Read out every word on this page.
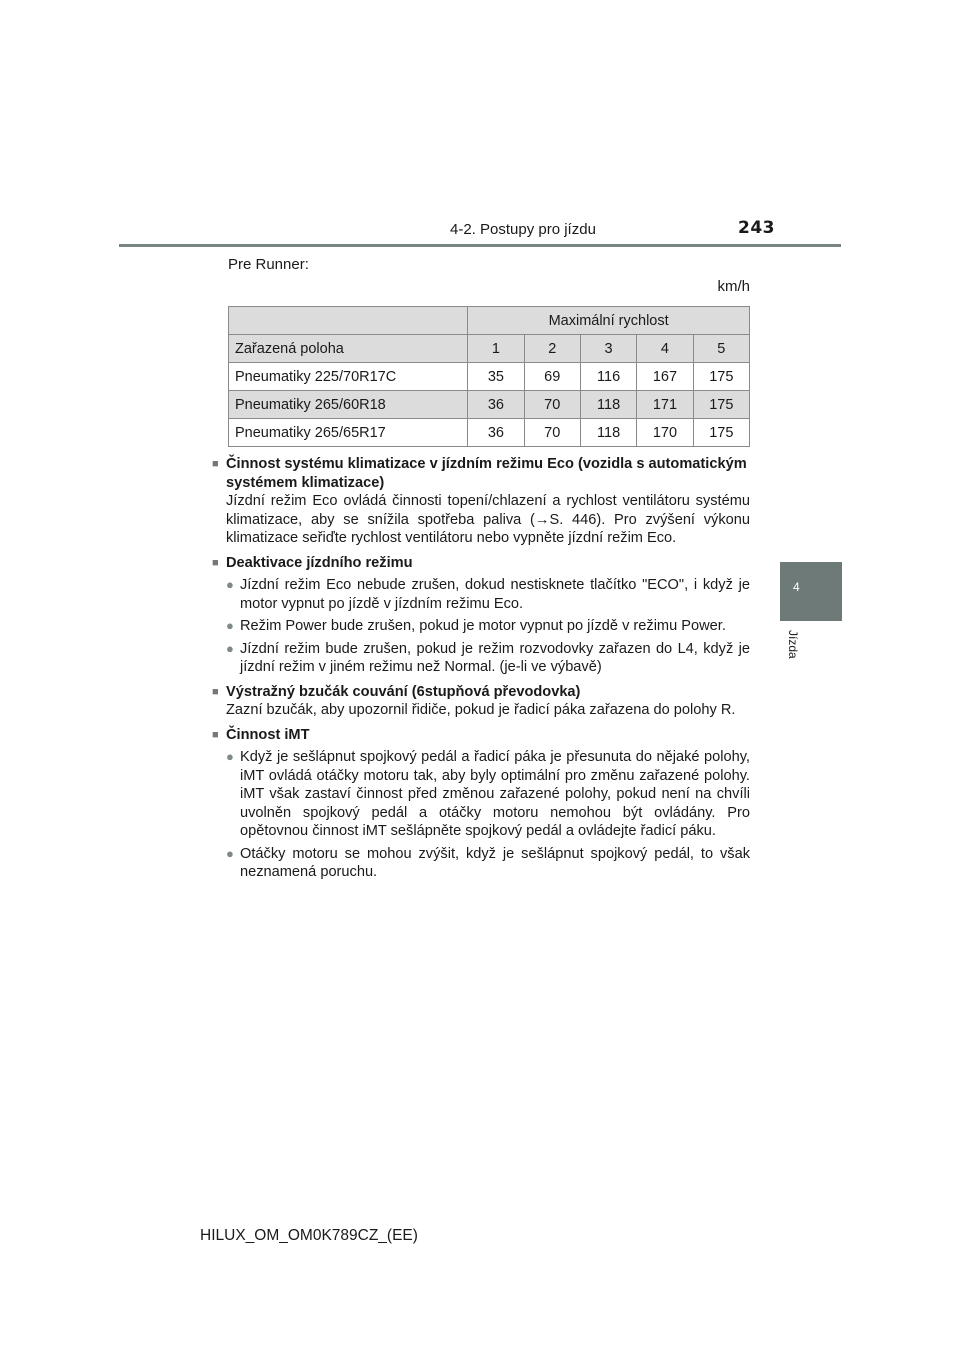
4-2. Postupy pro jízdu	243
4
Jízda
Pre Runner:
km/h
	Maximální rychlost				
Zařazená poloha	1	2	3	4	5
Pneumatiky 225/70R17C	35	69	116	167	175
Pneumatiky 265/60R18	36	70	118	171	175
Pneumatiky 265/65R17	36	70	118	170	175
■ Činnost systému klimatizace v jízdním režimu Eco (vozidla s automatickým systémem klimatizace)
Jízdní režim Eco ovládá činnosti topení/chlazení a rychlost ventilátoru systému klimatizace, aby se snížila spotřeba paliva (→S. 446). Pro zvýšení výkonu klimatizace seřiďte rychlost ventilátoru nebo vypněte jízdní režim Eco.
■ Deaktivace jízdního režimu
● Jízdní režim Eco nebude zrušen, dokud nestisknete tlačítko "ECO", i když je motor vypnut po jízdě v jízdním režimu Eco.
● Režim Power bude zrušen, pokud je motor vypnut po jízdě v režimu Power.
● Jízdní režim bude zrušen, pokud je režim rozvodovky zařazen do L4, když je jízdní režim v jiném režimu než Normal. (je-li ve výbavě)
■ Výstražný bzučák couvání (6stupňová převodovka)
Zazní bzučák, aby upozornil řidiče, pokud je řadicí páka zařazena do polohy R.
■ Činnost iMT
● Když je sešlápnut spojkový pedál a řadicí páka je přesunuta do nějaké polohy, iMT ovládá otáčky motoru tak, aby byly optimální pro změnu zařazené polohy. iMT však zastaví činnost před změnou zařazené polohy, pokud není na chvíli uvolněn spojkový pedál a otáčky motoru nemohou být ovládány. Pro opětovnou činnost iMT sešlápněte spojkový pedál a ovládejte řadicí páku.
● Otáčky motoru se mohou zvýšit, když je sešlápnut spojkový pedál, to však neznamená poruchu.
HILUX_OM_OM0K789CZ_(EE)
